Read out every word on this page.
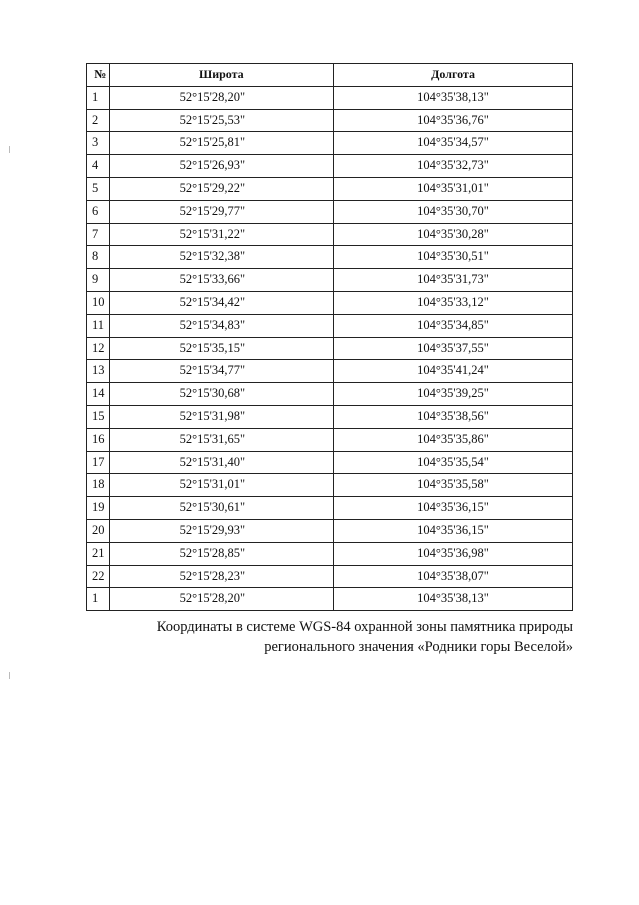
№	Широта	Долгота
1	52°15'28,20"	104°35'38,13"
2	52°15'25,53"	104°35'36,76"
3	52°15'25,81"	104°35'34,57"
4	52°15'26,93"	104°35'32,73"
5	52°15'29,22"	104°35'31,01"
6	52°15'29,77"	104°35'30,70"
7	52°15'31,22"	104°35'30,28"
8	52°15'32,38"	104°35'30,51"
9	52°15'33,66"	104°35'31,73"
10	52°15'34,42"	104°35'33,12"
11	52°15'34,83"	104°35'34,85"
12	52°15'35,15"	104°35'37,55"
13	52°15'34,77"	104°35'41,24"
14	52°15'30,68"	104°35'39,25"
15	52°15'31,98"	104°35'38,56"
16	52°15'31,65"	104°35'35,86"
17	52°15'31,40"	104°35'35,54"
18	52°15'31,01"	104°35'35,58"
19	52°15'30,61"	104°35'36,15"
20	52°15'29,93"	104°35'36,15"
21	52°15'28,85"	104°35'36,98"
22	52°15'28,23"	104°35'38,07"
1	52°15'28,20"	104°35'38,13"
Координаты в системе WGS-84 охранной зоны памятника природы
регионального значения «Родники горы Веселой»
